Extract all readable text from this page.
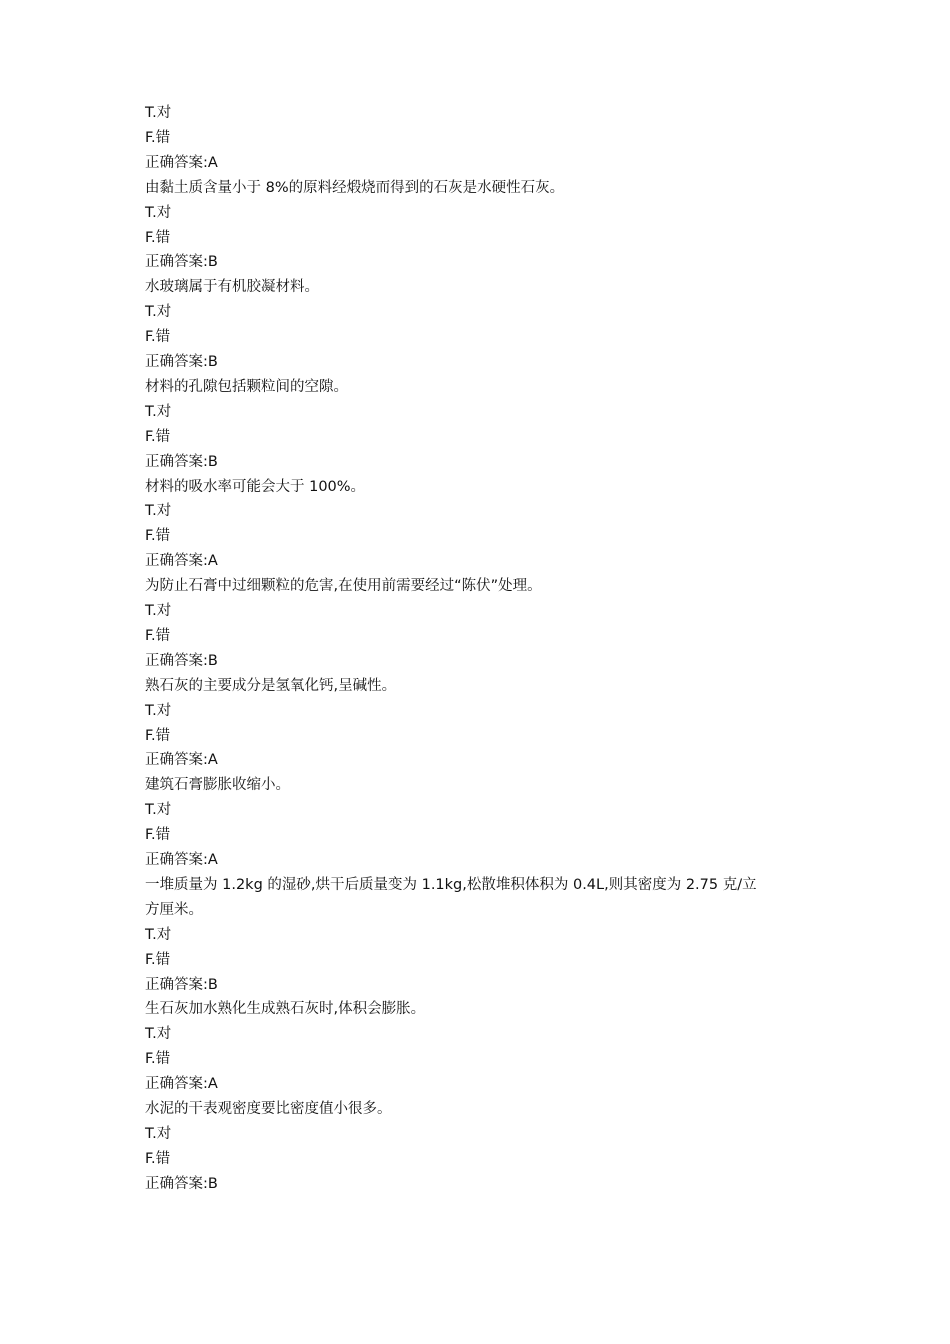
T.对
F.错
正确答案:A
由黏土质含量小于 8%的原料经煅烧而得到的石灰是水硬性石灰。
T.对
F.错
正确答案:B
水玻璃属于有机胶凝材料。
T.对
F.错
正确答案:B
材料的孔隙包括颗粒间的空隙。
T.对
F.错
正确答案:B
材料的吸水率可能会大于 100%。
T.对
F.错
正确答案:A
为防止石膏中过细颗粒的危害,在使用前需要经过“陈伏”处理。
T.对
F.错
正确答案:B
熟石灰的主要成分是氢氧化钙,呈碱性。
T.对
F.错
正确答案:A
建筑石膏膨胀收缩小。
T.对
F.错
正确答案:A
一堆质量为 1.2kg 的湿砂,烘干后质量变为 1.1kg,松散堆积体积为 0.4L,则其密度为 2.75 克/立
方厘米。
T.对
F.错
正确答案:B
生石灰加水熟化生成熟石灰时,体积会膨胀。
T.对
F.错
正确答案:A
水泥的干表观密度要比密度值小很多。
T.对
F.错
正确答案:B
